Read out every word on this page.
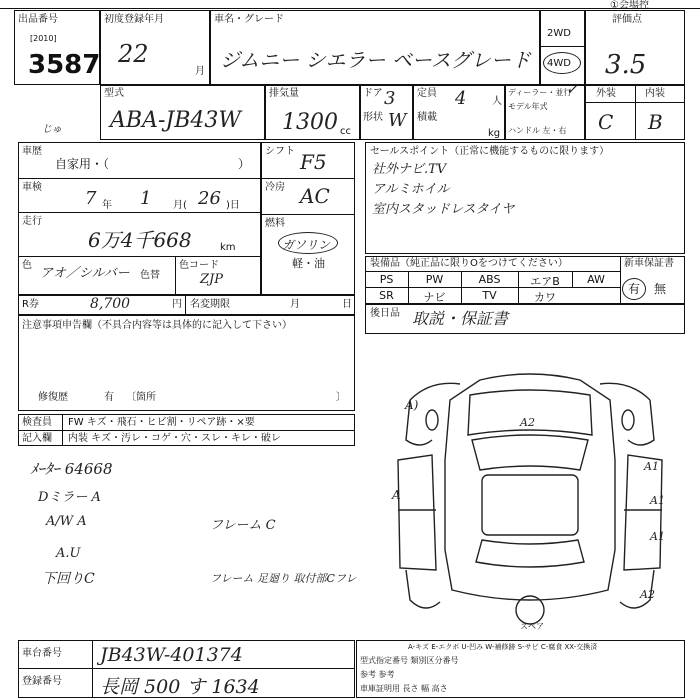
出品番号
[2010]
3587
じゅ
初度登録年月
22
月
車名・グレード
ジムニー シエラー ベースグレード
2WD
4WD
評価点
3.5
①会場控
型式
ABA-JB43W
排気量
1300 cc
ドア 3
形状 W
定員 4	人
積載
kg
ディーラー・並行
✓
モデル年式
ハンドル 左・右
外装	内装
C B
車歴
自家用・（	）
車検
7 年 1 月( 26 )日
走行
6万4千668	km
色
アオ／シルバー 色替
色コード
ZJP
シフト F5
冷房 AC
燃料
ガソリン
軽・油
R券	8,700	円 名変期限	月	日
セールスポイント（正常に機能するものに限ります）
社外ナビ.TV
アルミホイル
室内スタッドレスタイヤ
装備品（純正品に限りOをつけてください）	新車保証書
PS	PW	ABS	エアB	AW
SR	ナビ	TV	カワ
有 無
後日品 取説・保証書
注意事項申告欄（不具合内容等は具体的に記入して下さい）
修復歴	有 〔箇所	〕
検査員
記入欄
FW キズ・飛石・ヒビ割・リペア跡・×要
内装 キズ・汚レ・コゲ・穴・スレ・キレ・破レ
ﾒｰﾀｰ 64668
Dミラー A
A/W A	フレーム C
A.U
下回りC	フレーム 足廻り 取付部Cフレ
A)
A2
A1
A1
A1
A
A2
スペア
車台番号 JB43W-401374
登録番号 長岡 500 す 1634
A-キズ E-エクボ U-凹み W-補修跡 S-サビ C-腐食 XX-交換済
型式指定番号 類別区分番号
参考 参考
車庫証明用 長さ 幅 高さ
